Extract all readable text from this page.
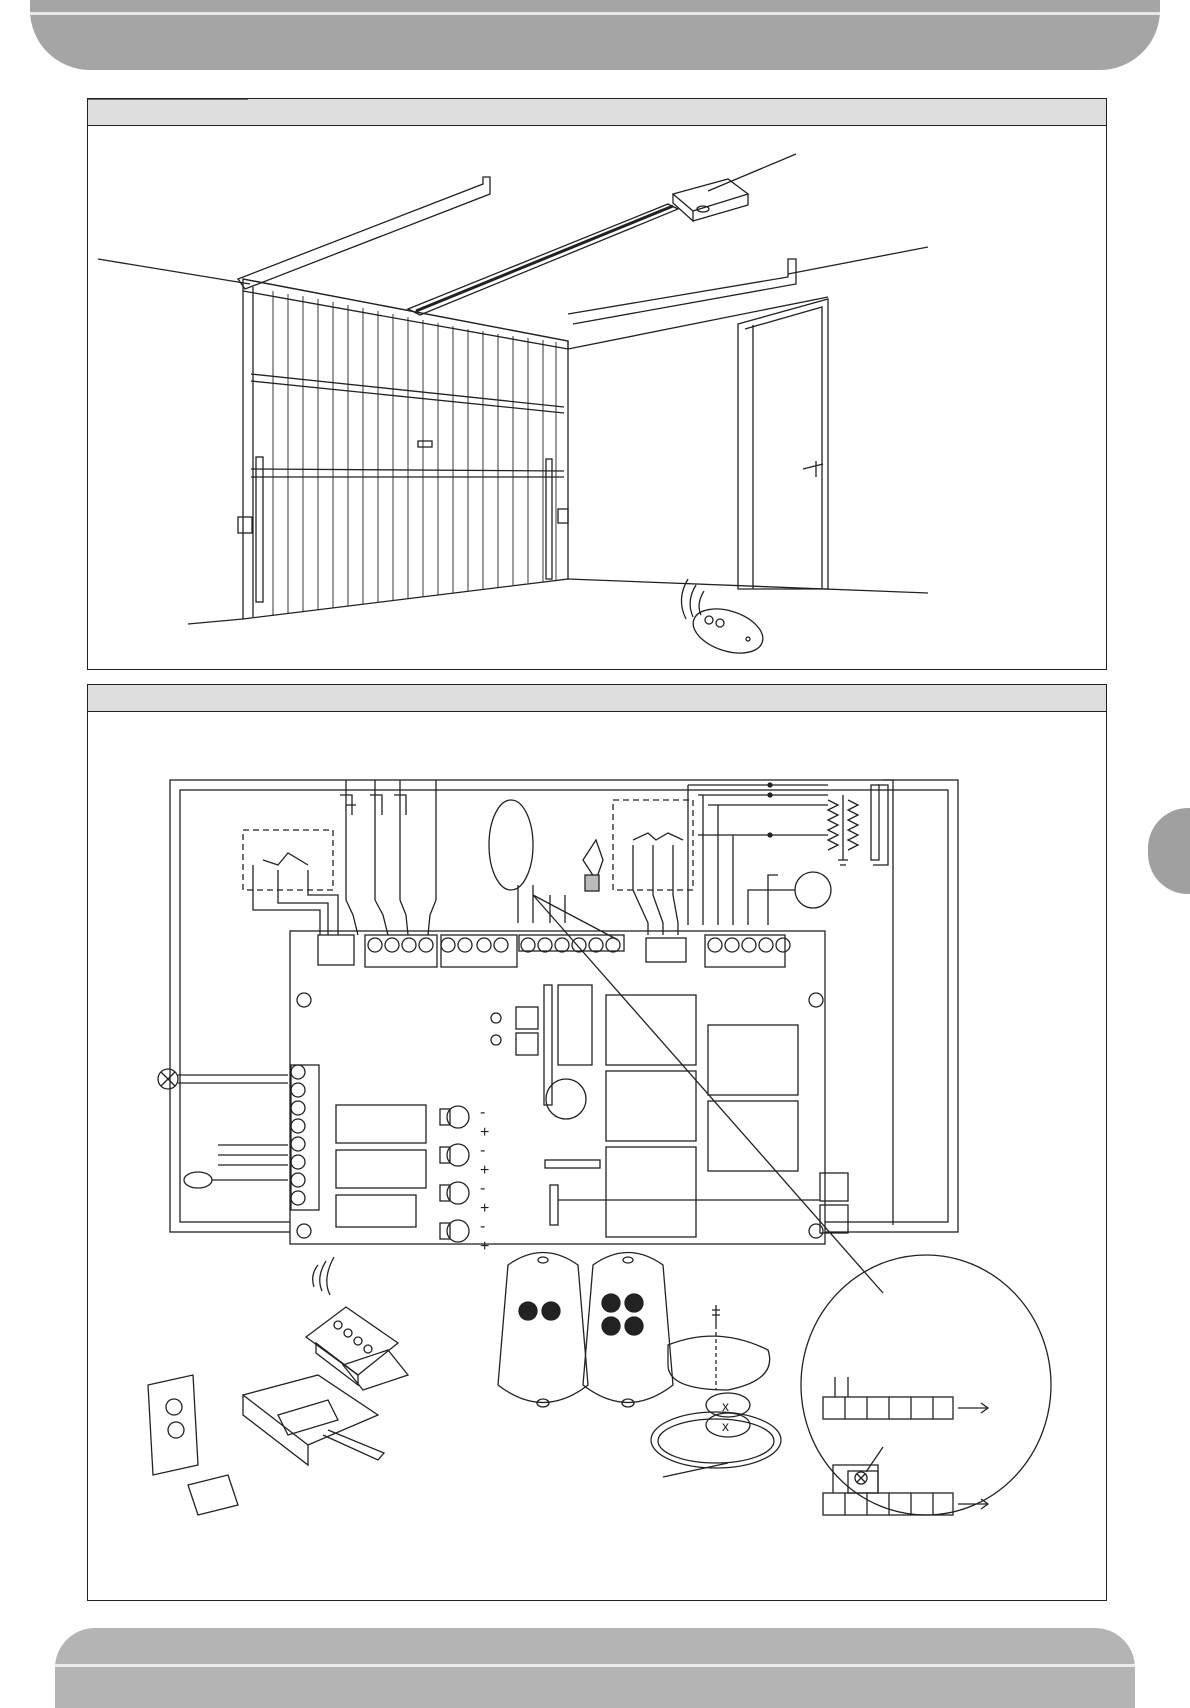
-
+
-
+
-
+
-
+
x
x
